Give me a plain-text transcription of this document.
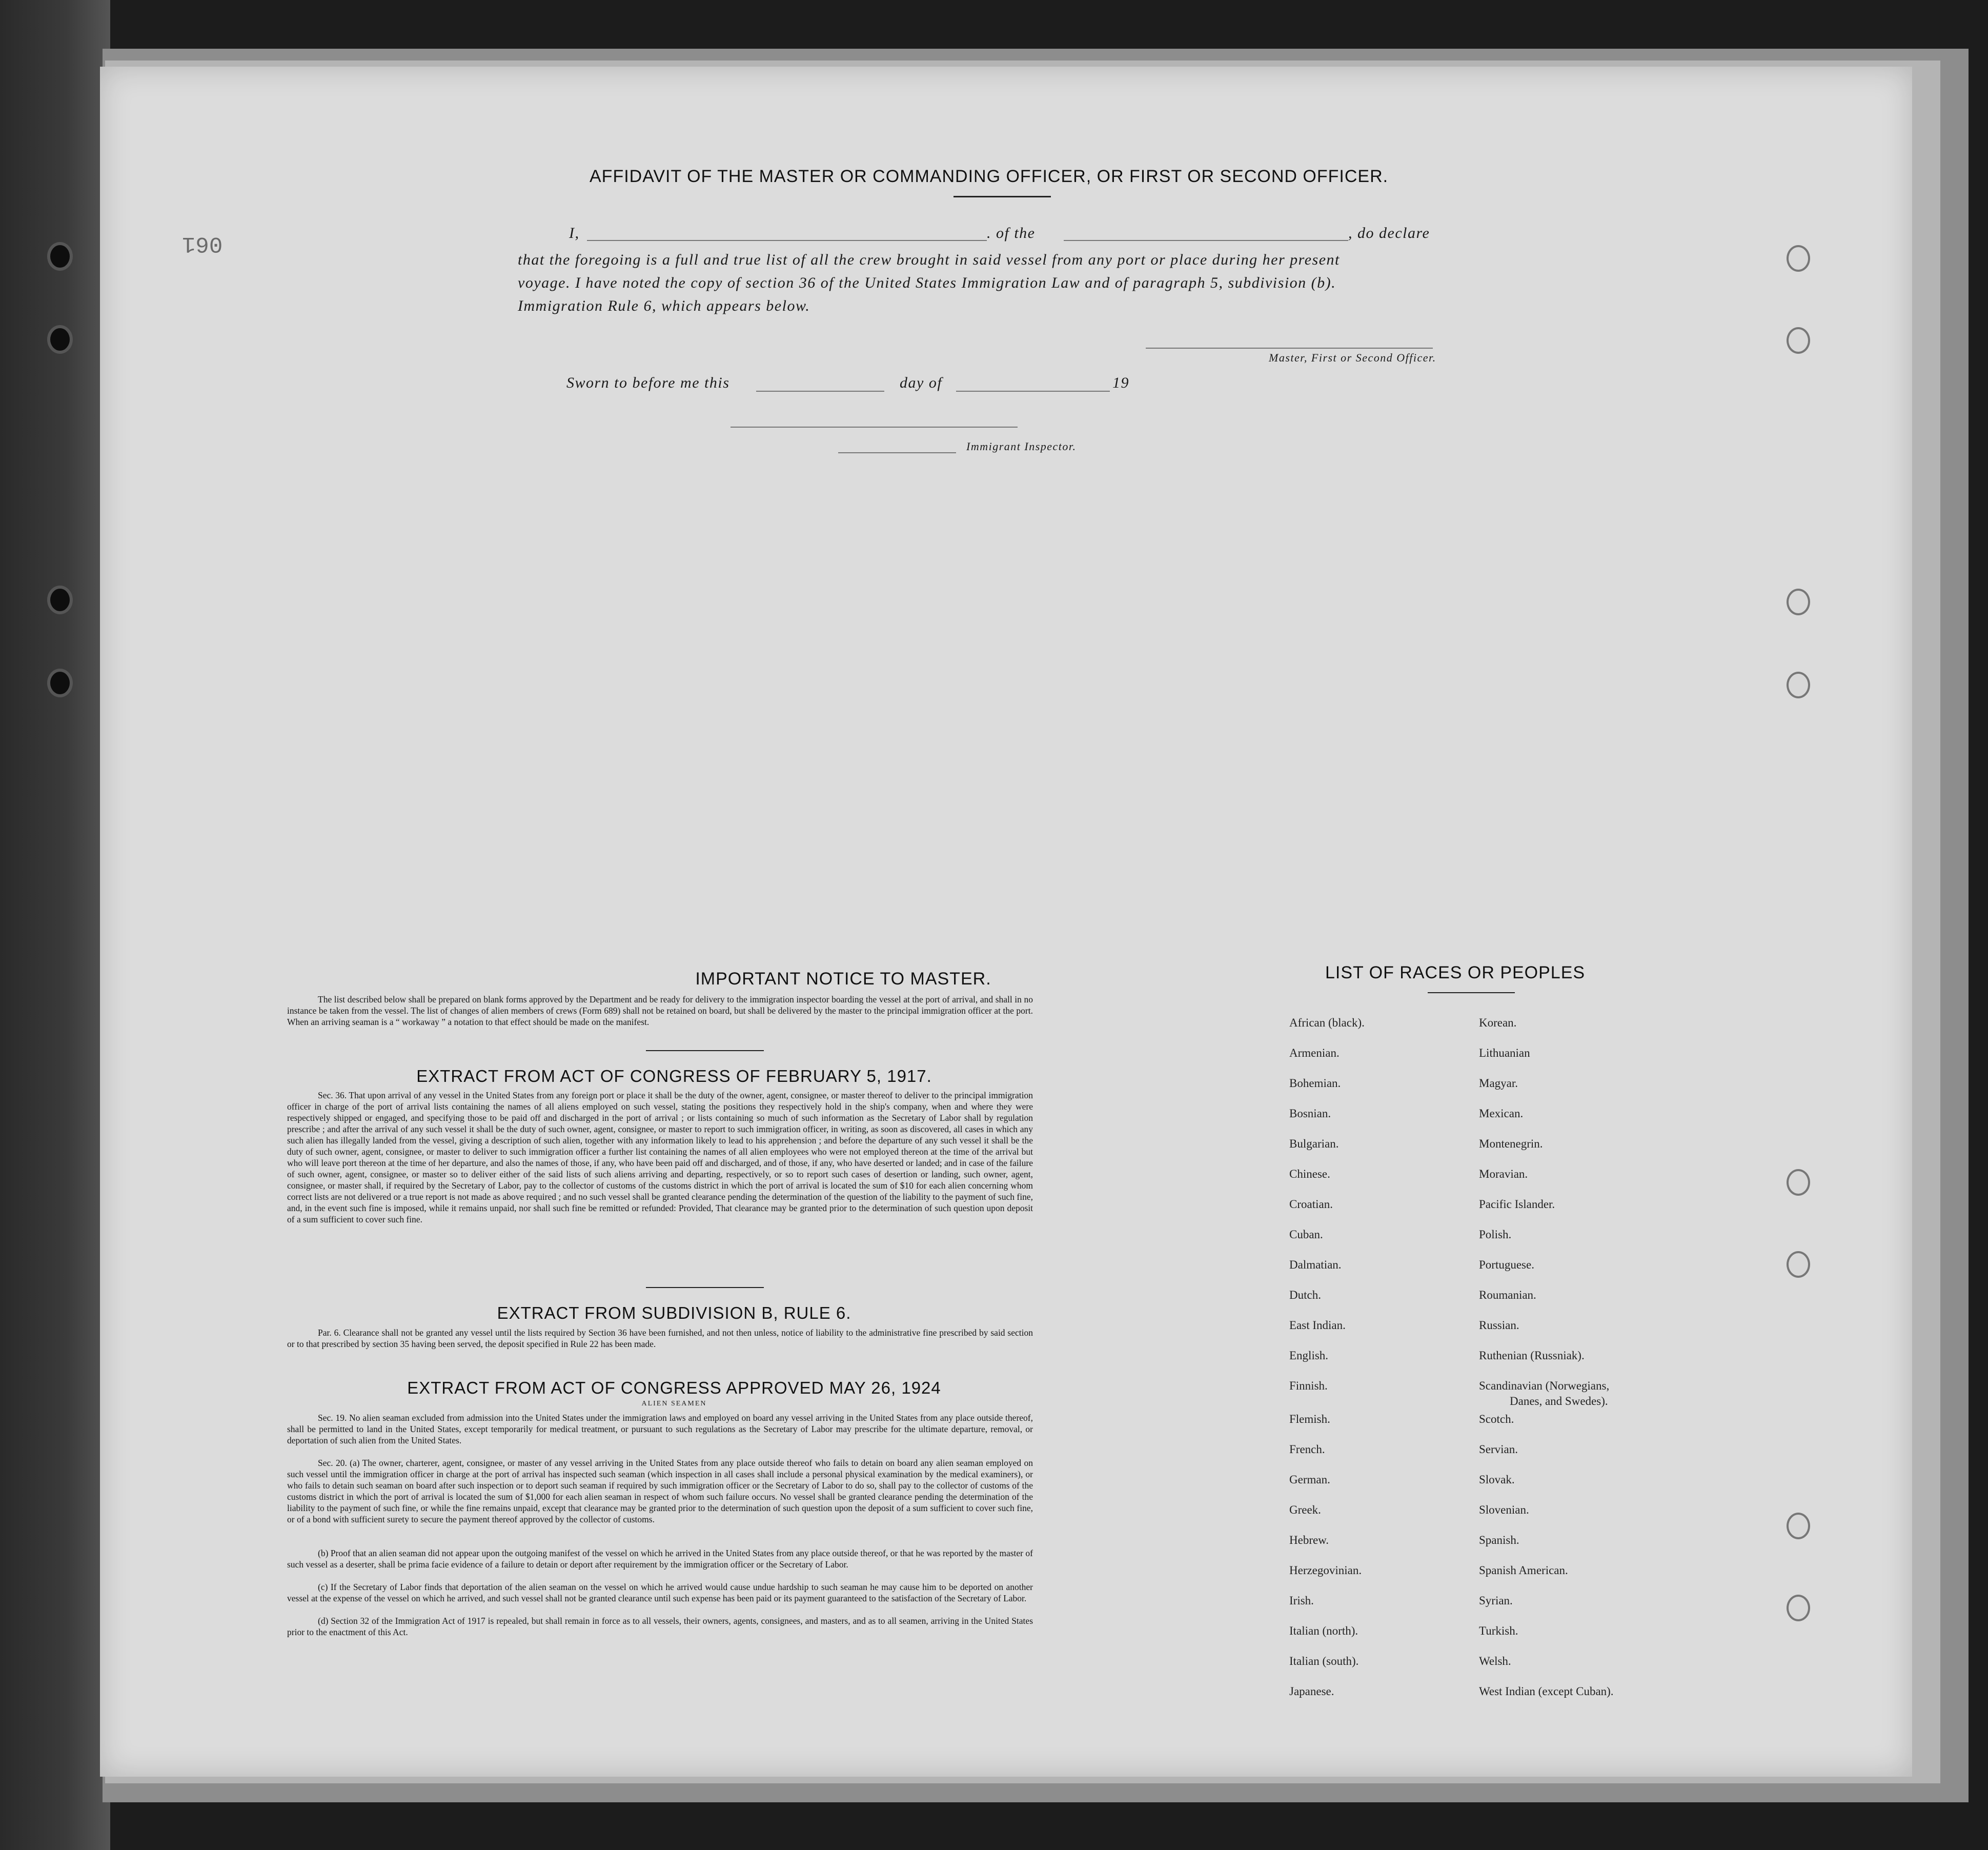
061
AFFIDAVIT OF THE MASTER OR COMMANDING OFFICER, OR FIRST OR SECOND OFFICER.
I,	. of the	, do declare
that the foregoing is a full and true list of all the crew brought in said vessel from any port or place during her present
voyage. I have noted the copy of section 36 of the United States Immigration Law and of paragraph 5, subdivision (b).
Immigration Rule 6, which appears below.
Master, First or Second Officer.
Sworn to before me this	day of	19
Immigrant Inspector.
IMPORTANT NOTICE TO MASTER.
The list described below shall be prepared on blank forms approved by the Department and be ready for delivery to the immigration inspector boarding the vessel at the port of arrival, and shall in no instance be taken from the vessel. The list of changes of alien members of crews (Form 689) shall not be retained on board, but shall be delivered by the master to the principal immigration officer at the port. When an arriving seaman is a “ workaway ” a notation to that effect should be made on the manifest.
EXTRACT FROM ACT OF CONGRESS OF FEBRUARY 5, 1917.
Sec. 36. That upon arrival of any vessel in the United States from any foreign port or place it shall be the duty of the owner, agent, consignee, or master thereof to deliver to the principal immigration officer in charge of the port of arrival lists containing the names of all aliens employed on such vessel, stating the positions they respectively hold in the ship's company, when and where they were respectively shipped or engaged, and specifying those to be paid off and discharged in the port of arrival ; or lists containing so much of such information as the Secretary of Labor shall by regulation prescribe ; and after the arrival of any such vessel it shall be the duty of such owner, agent, consignee, or master to report to such immigration officer, in writing, as soon as discovered, all cases in which any such alien has illegally landed from the vessel, giving a description of such alien, together with any information likely to lead to his apprehension ; and before the departure of any such vessel it shall be the duty of such owner, agent, consignee, or master to deliver to such immigration officer a further list containing the names of all alien employees who were not employed thereon at the time of the arrival but who will leave port thereon at the time of her departure, and also the names of those, if any, who have been paid off and discharged, and of those, if any, who have deserted or landed; and in case of the failure of such owner, agent, consignee, or master so to deliver either of the said lists of such aliens arriving and departing, respectively, or so to report such cases of desertion or landing, such owner, agent, consignee, or master shall, if required by the Secretary of Labor, pay to the collector of customs of the customs district in which the port of arrival is located the sum of $10 for each alien concerning whom correct lists are not delivered or a true report is not made as above required ; and no such vessel shall be granted clearance pending the determination of the question of the liability to the payment of such fine, and, in the event such fine is imposed, while it remains unpaid, nor shall such fine be remitted or refunded: Provided, That clearance may be granted prior to the determination of such question upon deposit of a sum sufficient to cover such fine.
EXTRACT FROM SUBDIVISION B, RULE 6.
Par. 6. Clearance shall not be granted any vessel until the lists required by Section 36 have been furnished, and not then unless, notice of liability to the administrative fine prescribed by said section or to that prescribed by section 35 having been served, the deposit specified in Rule 22 has been made.
EXTRACT FROM ACT OF CONGRESS APPROVED MAY 26, 1924
ALIEN SEAMEN
Sec. 19. No alien seaman excluded from admission into the United States under the immigration laws and employed on board any vessel arriving in the United States from any place outside thereof, shall be permitted to land in the United States, except temporarily for medical treatment, or pursuant to such regulations as the Secretary of Labor may prescribe for the ultimate departure, removal, or deportation of such alien from the United States.
Sec. 20. (a) The owner, charterer, agent, consignee, or master of any vessel arriving in the United States from any place outside thereof who fails to detain on board any alien seaman employed on such vessel until the immigration officer in charge at the port of arrival has inspected such seaman (which inspection in all cases shall include a personal physical examination by the medical examiners), or who fails to detain such seaman on board after such inspection or to deport such seaman if required by such immigration officer or the Secretary of Labor to do so, shall pay to the collector of customs of the customs district in which the port of arrival is located the sum of $1,000 for each alien seaman in respect of whom such failure occurs. No vessel shall be granted clearance pending the determination of the liability to the payment of such fine, or while the fine remains unpaid, except that clearance may be granted prior to the determination of such question upon the deposit of a sum sufficient to cover such fine, or of a bond with sufficient surety to secure the payment thereof approved by the collector of customs.
(b) Proof that an alien seaman did not appear upon the outgoing manifest of the vessel on which he arrived in the United States from any place outside thereof, or that he was reported by the master of such vessel as a deserter, shall be prima facie evidence of a failure to detain or deport after requirement by the immigration officer or the Secretary of Labor.
(c) If the Secretary of Labor finds that deportation of the alien seaman on the vessel on which he arrived would cause undue hardship to such seaman he may cause him to be deported on another vessel at the expense of the vessel on which he arrived, and such vessel shall not be granted clearance until such expense has been paid or its payment guaranteed to the satisfaction of the Secretary of Labor.
(d) Section 32 of the Immigration Act of 1917 is repealed, but shall remain in force as to all vessels, their owners, agents, consignees, and masters, and as to all seamen, arriving in the United States prior to the enactment of this Act.
LIST OF RACES OR PEOPLES
African (black).
Armenian.
Bohemian.
Bosnian.
Bulgarian.
Chinese.
Croatian.
Cuban.
Dalmatian.
Dutch.
East Indian.
English.
Finnish.
Flemish.
French.
German.
Greek.
Hebrew.
Herzegovinian.
Irish.
Italian (north).
Italian (south).
Japanese.
Korean.
Lithuanian
Magyar.
Mexican.
Montenegrin.
Moravian.
Pacific Islander.
Polish.
Portuguese.
Roumanian.
Russian.
Ruthenian (Russniak).
Scandinavian (Norwegians,
Danes, and Swedes).
Scotch.
Servian.
Slovak.
Slovenian.
Spanish.
Spanish American.
Syrian.
Turkish.
Welsh.
West Indian (except Cuban).
